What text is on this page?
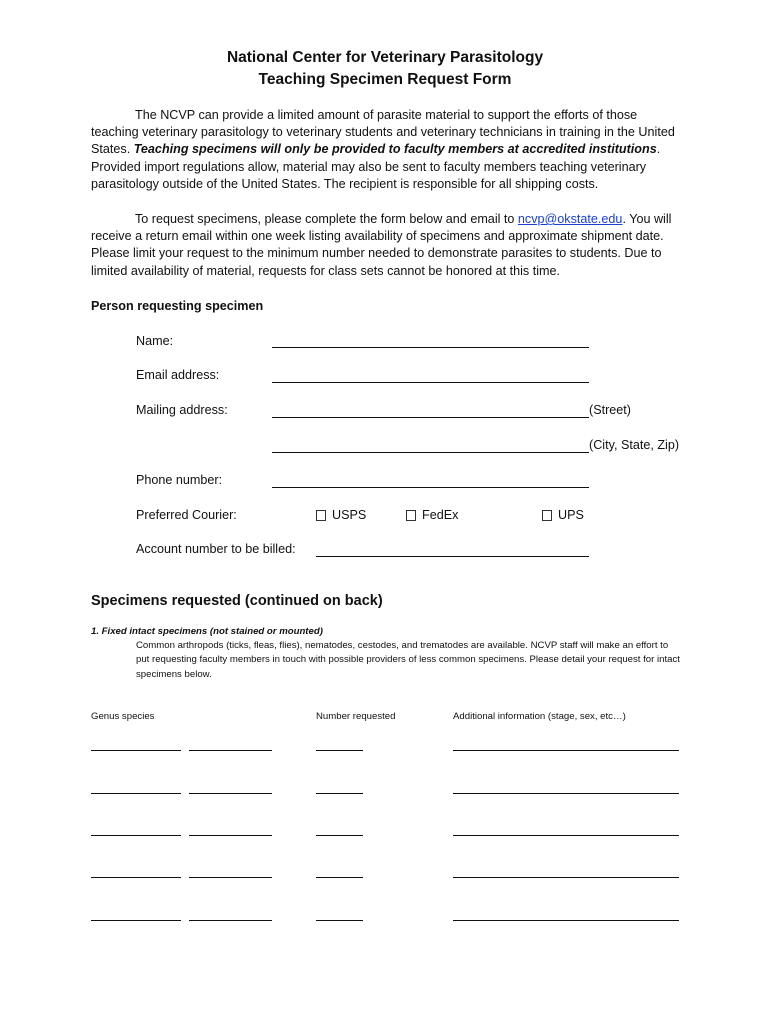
National Center for Veterinary Parasitology
Teaching Specimen Request Form

The NCVP can provide a limited amount of parasite material to support the efforts of those teaching veterinary parasitology to veterinary students and veterinary technicians in training in the United States. Teaching specimens will only be provided to faculty members at accredited institutions. Provided import regulations allow, material may also be sent to faculty members teaching veterinary parasitology outside of the United States. The recipient is responsible for all shipping costs.

To request specimens, please complete the form below and email to ncvp@okstate.edu. You will receive a return email within one week listing availability of specimens and approximate shipment date. Please limit your request to the minimum number needed to demonstrate parasites to students. Due to limited availability of material, requests for class sets cannot be honored at this time.

Person requesting specimen
Name:
Email address:
Mailing address:	(Street)
(City, State, Zip)
Phone number:
Preferred Courier:	USPS	FedEx	UPS
Account number to be billed:
Specimens requested (continued on back)
1. Fixed intact specimens (not stained or mounted)

Common arthropods (ticks, fleas, flies), nematodes, cestodes, and trematodes are available. NCVP staff will make an effort to put requesting faculty members in touch with possible providers of less common specimens. Please detail your request for intact specimens below.

Genus species	Number requested	Additional information (stage, sex, etc…)
